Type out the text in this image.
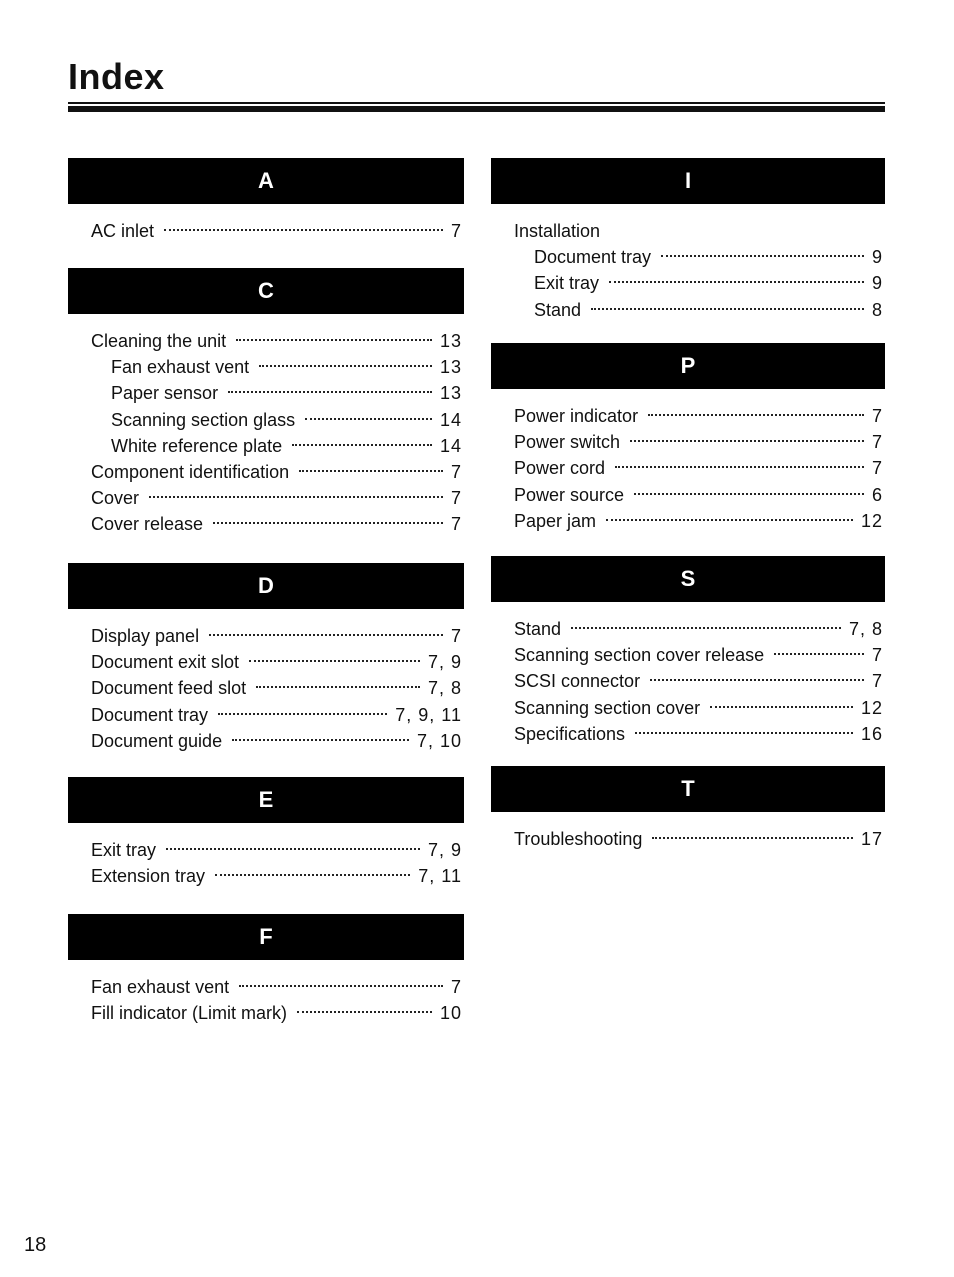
Index
A
AC inlet	7
C
Cleaning the unit	13
Fan exhaust vent	13
Paper sensor	13
Scanning section glass	14
White reference plate	14
Component identification	7
Cover	7
Cover release	7
D
Display panel	7
Document exit slot	7, 9
Document feed slot	7, 8
Document tray	7, 9, 11
Document guide	7, 10
E
Exit tray	7, 9
Extension tray	7, 11
F
Fan exhaust vent	7
Fill indicator (Limit mark)	10
I
Installation
Document tray	9
Exit tray	9
Stand	8
P
Power indicator	7
Power switch	7
Power cord	7
Power source	6
Paper jam	12
S
Stand	7, 8
Scanning section cover release	7
SCSI connector	7
Scanning section cover	12
Specifications	16
T
Troubleshooting	17
18
